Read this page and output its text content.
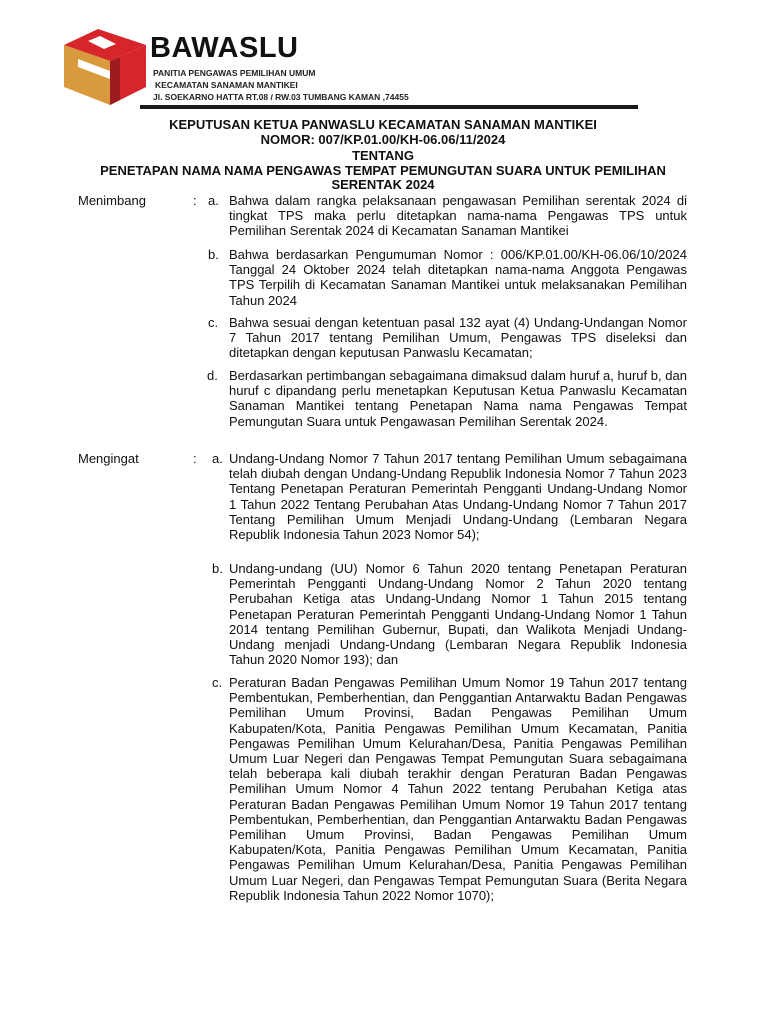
BAWASLU
PANITIA PENGAWAS PEMILIHAN UMUM
KECAMATAN SANAMAN MANTIKEI
Jl. SOEKARNO HATTA RT.08 / RW.03 TUMBANG KAMAN ,74455
KEPUTUSAN KETUA PANWASLU KECAMATAN SANAMAN MANTIKEI
NOMOR: 007/KP.01.00/KH-06.06/11/2024
TENTANG
PENETAPAN NAMA NAMA PENGAWAS TEMPAT PEMUNGUTAN SUARA UNTUK PEMILIHAN
SERENTAK 2024
Menimbang	: a. Bahwa dalam rangka pelaksanaan pengawasan Pemilihan serentak 2024 di tingkat TPS maka perlu ditetapkan nama-nama Pengawas TPS untuk Pemilihan Serentak 2024 di Kecamatan Sanaman Mantikei

b. Bahwa berdasarkan Pengumuman Nomor : 006/KP.01.00/KH-06.06/10/2024 Tanggal 24 Oktober 2024 telah ditetapkan nama-nama Anggota Pengawas TPS Terpilih di Kecamatan Sanaman Mantikei untuk melaksanakan Pemilihan Tahun 2024

c. Bahwa sesuai dengan ketentuan pasal 132 ayat (4) Undang-Undangan Nomor 7 Tahun 2017 tentang Pemilihan Umum, Pengawas TPS diseleksi dan ditetapkan dengan keputusan Panwaslu Kecamatan;

d. Berdasarkan pertimbangan sebagaimana dimaksud dalam huruf a, huruf b, dan huruf c dipandang perlu menetapkan Keputusan Ketua Panwaslu Kecamatan Sanaman Mantikei tentang Penetapan Nama nama Pengawas Tempat Pemungutan Suara untuk Pengawasan Pemilihan Serentak 2024.

Mengingat	: a. Undang-Undang Nomor 7 Tahun 2017 tentang Pemilihan Umum sebagaimana telah diubah dengan Undang-Undang Republik Indonesia Nomor 7 Tahun 2023 Tentang Penetapan Peraturan Pemerintah Pengganti Undang-Undang Nomor 1 Tahun 2022 Tentang Perubahan Atas Undang-Undang Nomor 7 Tahun 2017 Tentang Pemilihan Umum Menjadi Undang-Undang (Lembaran Negara Republik Indonesia Tahun 2023 Nomor 54);

b. Undang-undang (UU) Nomor 6 Tahun 2020 tentang Penetapan Peraturan Pemerintah Pengganti Undang-Undang Nomor 2 Tahun 2020 tentang Perubahan Ketiga atas Undang-Undang Nomor 1 Tahun 2015 tentang Penetapan Peraturan Pemerintah Pengganti Undang-Undang Nomor 1 Tahun 2014 tentang Pemilihan Gubernur, Bupati, dan Walikota Menjadi Undang-Undang menjadi Undang-Undang (Lembaran Negara Republik Indonesia Tahun 2020 Nomor 193); dan

c. Peraturan Badan Pengawas Pemilihan Umum Nomor 19 Tahun 2017 tentang Pembentukan, Pemberhentian, dan Penggantian Antarwaktu Badan Pengawas Pemilihan Umum Provinsi, Badan Pengawas Pemilihan Umum Kabupaten/Kota, Panitia Pengawas Pemilihan Umum Kecamatan, Panitia Pengawas Pemilihan Umum Kelurahan/Desa, Panitia Pengawas Pemilihan Umum Luar Negeri dan Pengawas Tempat Pemungutan Suara sebagaimana telah beberapa kali diubah terakhir dengan Peraturan Badan Pengawas Pemilihan Umum Nomor 4 Tahun 2022 tentang Perubahan Ketiga atas Peraturan Badan Pengawas Pemilihan Umum Nomor 19 Tahun 2017 tentang Pembentukan, Pemberhentian, dan Penggantian Antarwaktu Badan Pengawas Pemilihan Umum Provinsi, Badan Pengawas Pemilihan Umum Kabupaten/Kota, Panitia Pengawas Pemilihan Umum Kecamatan, Panitia Pengawas Pemilihan Umum Kelurahan/Desa, Panitia Pengawas Pemilihan Umum Luar Negeri, dan Pengawas Tempat Pemungutan Suara (Berita Negara Republik Indonesia Tahun 2022 Nomor 1070);
